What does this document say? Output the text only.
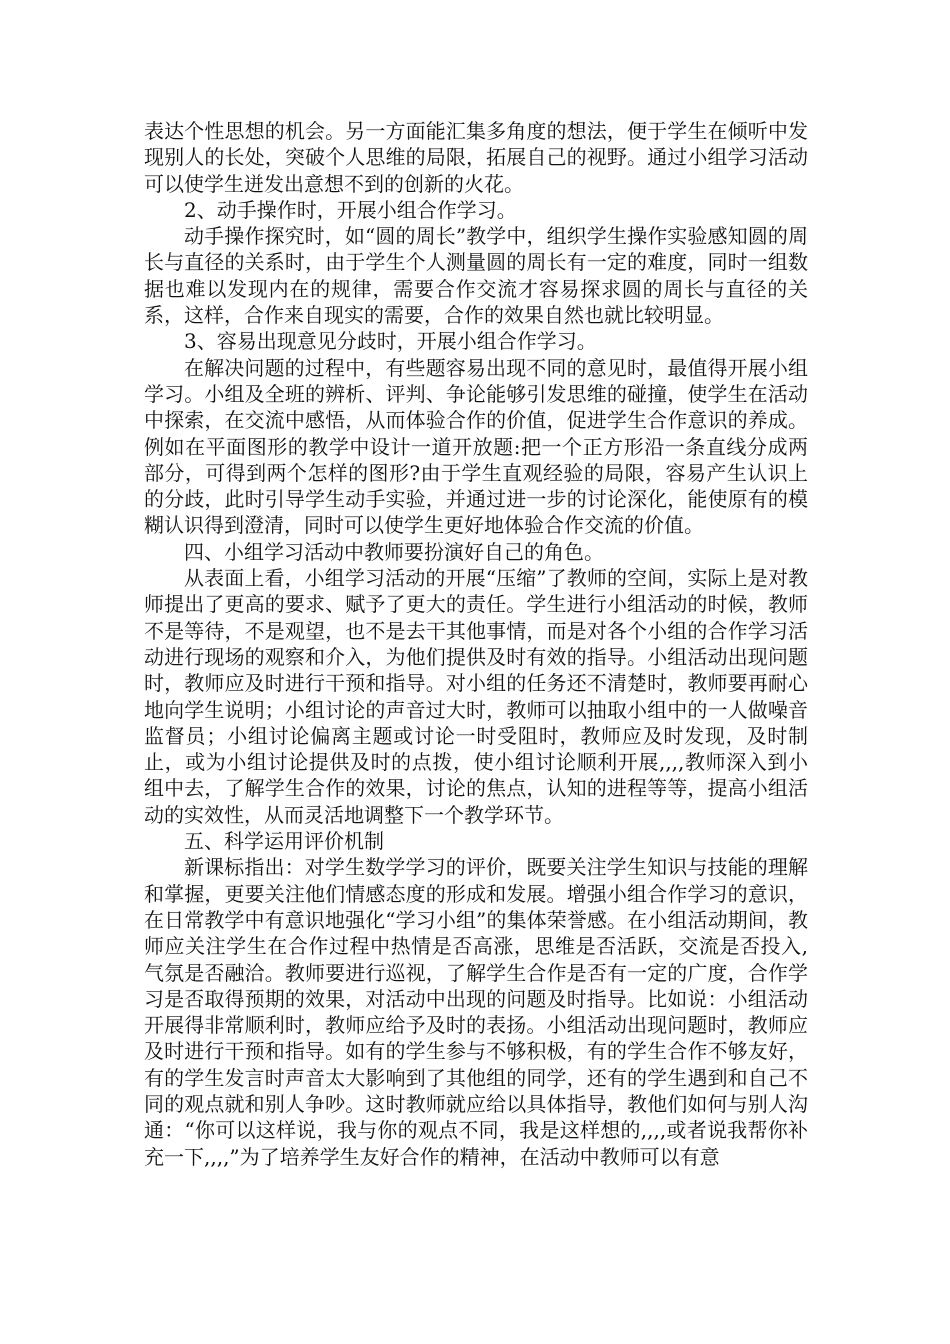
表达个性思想的机会。另一方面能汇集多角度的想法，便于学生在倾听中发现别人的长处，突破个人思维的局限，拓展自己的视野。通过小组学习活动可以使学生迸发出意想不到的创新的火花。

2、动手操作时，开展小组合作学习。

动手操作探究时，如“圆的周长”教学中，组织学生操作实验感知圆的周长与直径的关系时，由于学生个人测量圆的周长有一定的难度，同时一组数据也难以发现内在的规律，需要合作交流才容易探求圆的周长与直径的关系，这样，合作来自现实的需要，合作的效果自然也就比较明显。

3、容易出现意见分歧时，开展小组合作学习。

在解决问题的过程中，有些题容易出现不同的意见时，最值得开展小组学习。小组及全班的辨析、评判、争论能够引发思维的碰撞，使学生在活动中探索，在交流中感悟，从而体验合作的价值，促进学生合作意识的养成。例如在平面图形的教学中设计一道开放题:把一个正方形沿一条直线分成两部分，可得到两个怎样的图形?由于学生直观经验的局限，容易产生认识上的分歧，此时引导学生动手实验，并通过进一步的讨论深化，能使原有的模糊认识得到澄清，同时可以使学生更好地体验合作交流的价值。

四、小组学习活动中教师要扮演好自己的角色。

从表面上看，小组学习活动的开展“压缩”了教师的空间，实际上是对教师提出了更高的要求、赋予了更大的责任。学生进行小组活动的时候，教师不是等待，不是观望，也不是去干其他事情，而是对各个小组的合作学习活动进行现场的观察和介入，为他们提供及时有效的指导。小组活动出现问题时，教师应及时进行干预和指导。对小组的任务还不清楚时，教师要再耐心地向学生说明；小组讨论的声音过大时，教师可以抽取小组中的一人做噪音监督员；小组讨论偏离主题或讨论一时受阻时，教师应及时发现，及时制止，或为小组讨论提供及时的点拨，使小组讨论顺利开展,,,,教师深入到小组中去，了解学生合作的效果，讨论的焦点，认知的进程等等，提高小组活动的实效性，从而灵活地调整下一个教学环节。

五、科学运用评价机制

新课标指出：对学生数学学习的评价，既要关注学生知识与技能的理解和掌握，更要关注他们情感态度的形成和发展。增强小组合作学习的意识，在日常教学中有意识地强化“学习小组”的集体荣誉感。在小组活动期间，教师应关注学生在合作过程中热情是否高涨，思维是否活跃，交流是否投入,气氛是否融洽。教师要进行巡视，了解学生合作是否有一定的广度，合作学习是否取得预期的效果，对活动中出现的问题及时指导。比如说：小组活动开展得非常顺利时，教师应给予及时的表扬。小组活动出现问题时，教师应及时进行干预和指导。如有的学生参与不够积极，有的学生合作不够友好，有的学生发言时声音太大影响到了其他组的同学，还有的学生遇到和自己不同的观点就和别人争吵。这时教师就应给以具体指导，教他们如何与别人沟通：“你可以这样说，我与你的观点不同，我是这样想的,,,,或者说我帮你补充一下,,,,”为了培养学生友好合作的精神，在活动中教师可以有意
